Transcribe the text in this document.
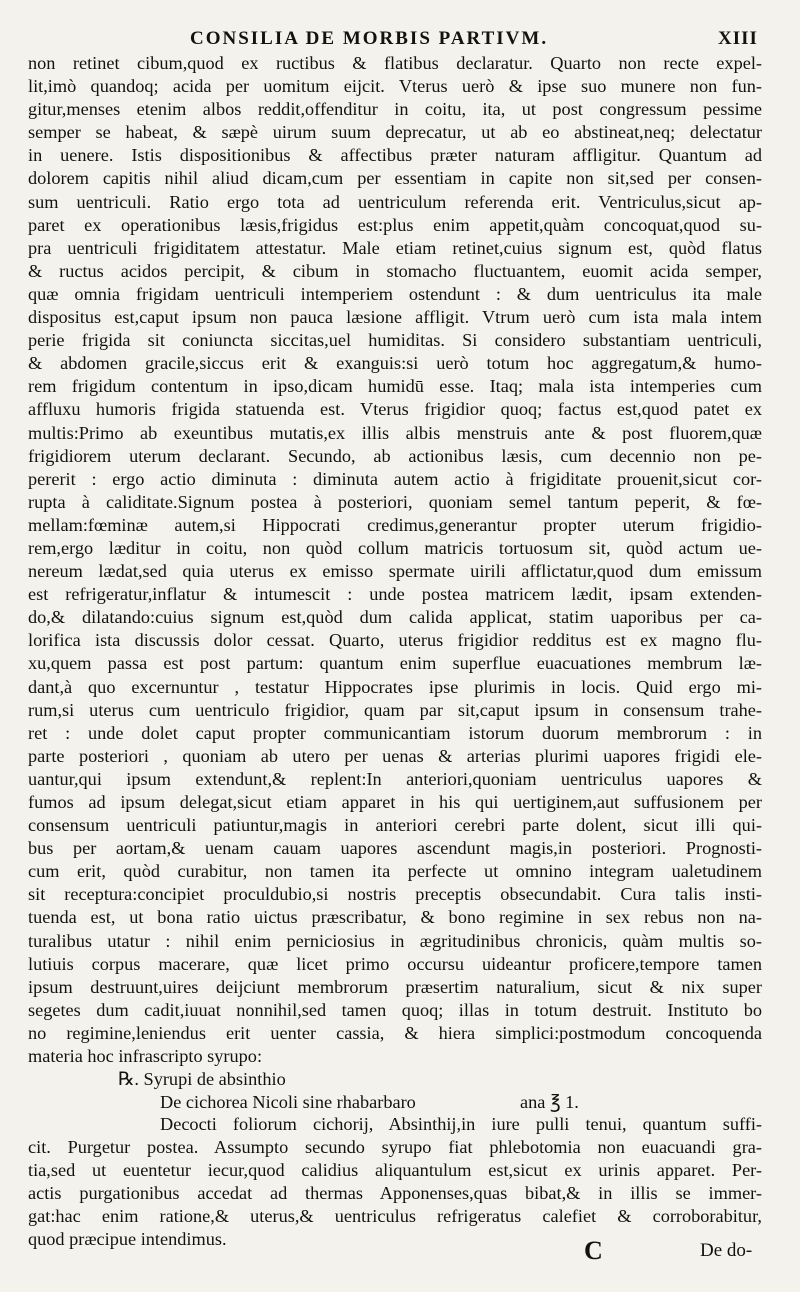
CONSILIA DE MORBIS PARTIVM.	XIII
non retinet cibum,quod ex ructibus & flatibus declaratur. Quarto non recte expel-
lit,imò quandoq; acida per uomitum eijcit. Vterus uerò & ipse suo munere non fun-
gitur,menses etenim albos reddit,offenditur in coitu, ita, ut post congressum pessime
semper se habeat, & sæpè uirum suum deprecatur, ut ab eo abstineat,neq; delectatur
in uenere. Istis dispositionibus & affectibus præter naturam affligitur. Quantum ad
dolorem capitis nihil aliud dicam,cum per essentiam in capite non sit,sed per consen-
sum uentriculi. Ratio ergo tota ad uentriculum referenda erit. Ventriculus,sicut ap-
paret ex operationibus læsis,frigidus est:plus enim appetit,quàm concoquat,quod su-
pra uentriculi frigiditatem attestatur. Male etiam retinet,cuius signum est, quòd flatus
& ructus acidos percipit, & cibum in stomacho fluctuantem, euomit acida semper,
quæ omnia frigidam uentriculi intemperiem ostendunt : & dum uentriculus ita male
dispositus est,caput ipsum non pauca læsione affligit. Vtrum uerò cum ista mala intem
perie frigida sit coniuncta siccitas,uel humiditas. Si considero substantiam uentriculi,
& abdomen gracile,siccus erit & exanguis:si uerò totum hoc aggregatum,& humo-
rem frigidum contentum in ipso,dicam humidū esse. Itaq; mala ista intemperies cum
affluxu humoris frigida statuenda est. Vterus frigidior quoq; factus est,quod patet ex
multis:Primo ab exeuntibus mutatis,ex illis albis menstruis ante & post fluorem,quæ
frigidiorem uterum declarant. Secundo, ab actionibus læsis, cum decennio non pe-
pererit : ergo actio diminuta : diminuta autem actio à frigiditate prouenit,sicut cor-
rupta à caliditate.Signum postea à posteriori, quoniam semel tantum peperit, & fœ-
mellam:fœminæ autem,si Hippocrati credimus,generantur propter uterum frigidio-
rem,ergo læditur in coitu, non quòd collum matricis tortuosum sit, quòd actum ue-
nereum lædat,sed quia uterus ex emisso spermate uirili afflictatur,quod dum emissum
est refrigeratur,inflatur & intumescit : unde postea matricem lædit, ipsam extenden-
do,& dilatando:cuius signum est,quòd dum calida applicat, statim uaporibus per ca-
lorifica ista discussis dolor cessat. Quarto, uterus frigidior redditus est ex magno flu-
xu,quem passa est post partum: quantum enim superflue euacuationes membrum læ-
dant,à quo excernuntur , testatur Hippocrates ipse plurimis in locis. Quid ergo mi-
rum,si uterus cum uentriculo frigidior, quam par sit,caput ipsum in consensum trahe-
ret : unde dolet caput propter communicantiam istorum duorum membrorum : in
parte posteriori , quoniam ab utero per uenas & arterias plurimi uapores frigidi ele-
uantur,qui ipsum extendunt,& replent:In anteriori,quoniam uentriculus uapores &
fumos ad ipsum delegat,sicut etiam apparet in his qui uertiginem,aut suffusionem per
consensum uentriculi patiuntur,magis in anteriori cerebri parte dolent, sicut illi qui-
bus per aortam,& uenam cauam uapores ascendunt magis,in posteriori. Prognosti-
cum erit, quòd curabitur, non tamen ita perfecte ut omnino integram ualetudinem
sit receptura:concipiet proculdubio,si nostris preceptis obsecundabit. Cura talis insti-
tuenda est, ut bona ratio uictus præscribatur, & bono regimine in sex rebus non na-
turalibus utatur : nihil enim perniciosius in ægritudinibus chronicis, quàm multis so-
lutiuis corpus macerare, quæ licet primo occursu uideantur proficere,tempore tamen
ipsum destruunt,uires deijciunt membrorum præsertim naturalium, sicut & nix super
segetes dum cadit,iuuat nonnihil,sed tamen quoq; illas in totum destruit. Instituto bo
no regimine,leniendus erit uenter cassia, & hiera simplici:postmodum concoquenda
materia hoc infrascripto syrupo:
℞. Syrupi de absinthio
De cichorea Nicoli sine rhabarbaro	ana ℥ 1.
Decocti foliorum cichorij, Absinthij,in iure pulli tenui, quantum suffi-
cit. Purgetur postea. Assumpto secundo syrupo fiat phlebotomia non euacuandi gra-
tia,sed ut euentetur iecur,quod calidius aliquantulum est,sicut ex urinis apparet. Per-
actis purgationibus accedat ad thermas Apponenses,quas bibat,& in illis se immer-
gat:hac enim ratione,& uterus,& uentriculus refrigeratus calefiet & corroborabitur,
quod præcipue intendimus.	C	De do-
